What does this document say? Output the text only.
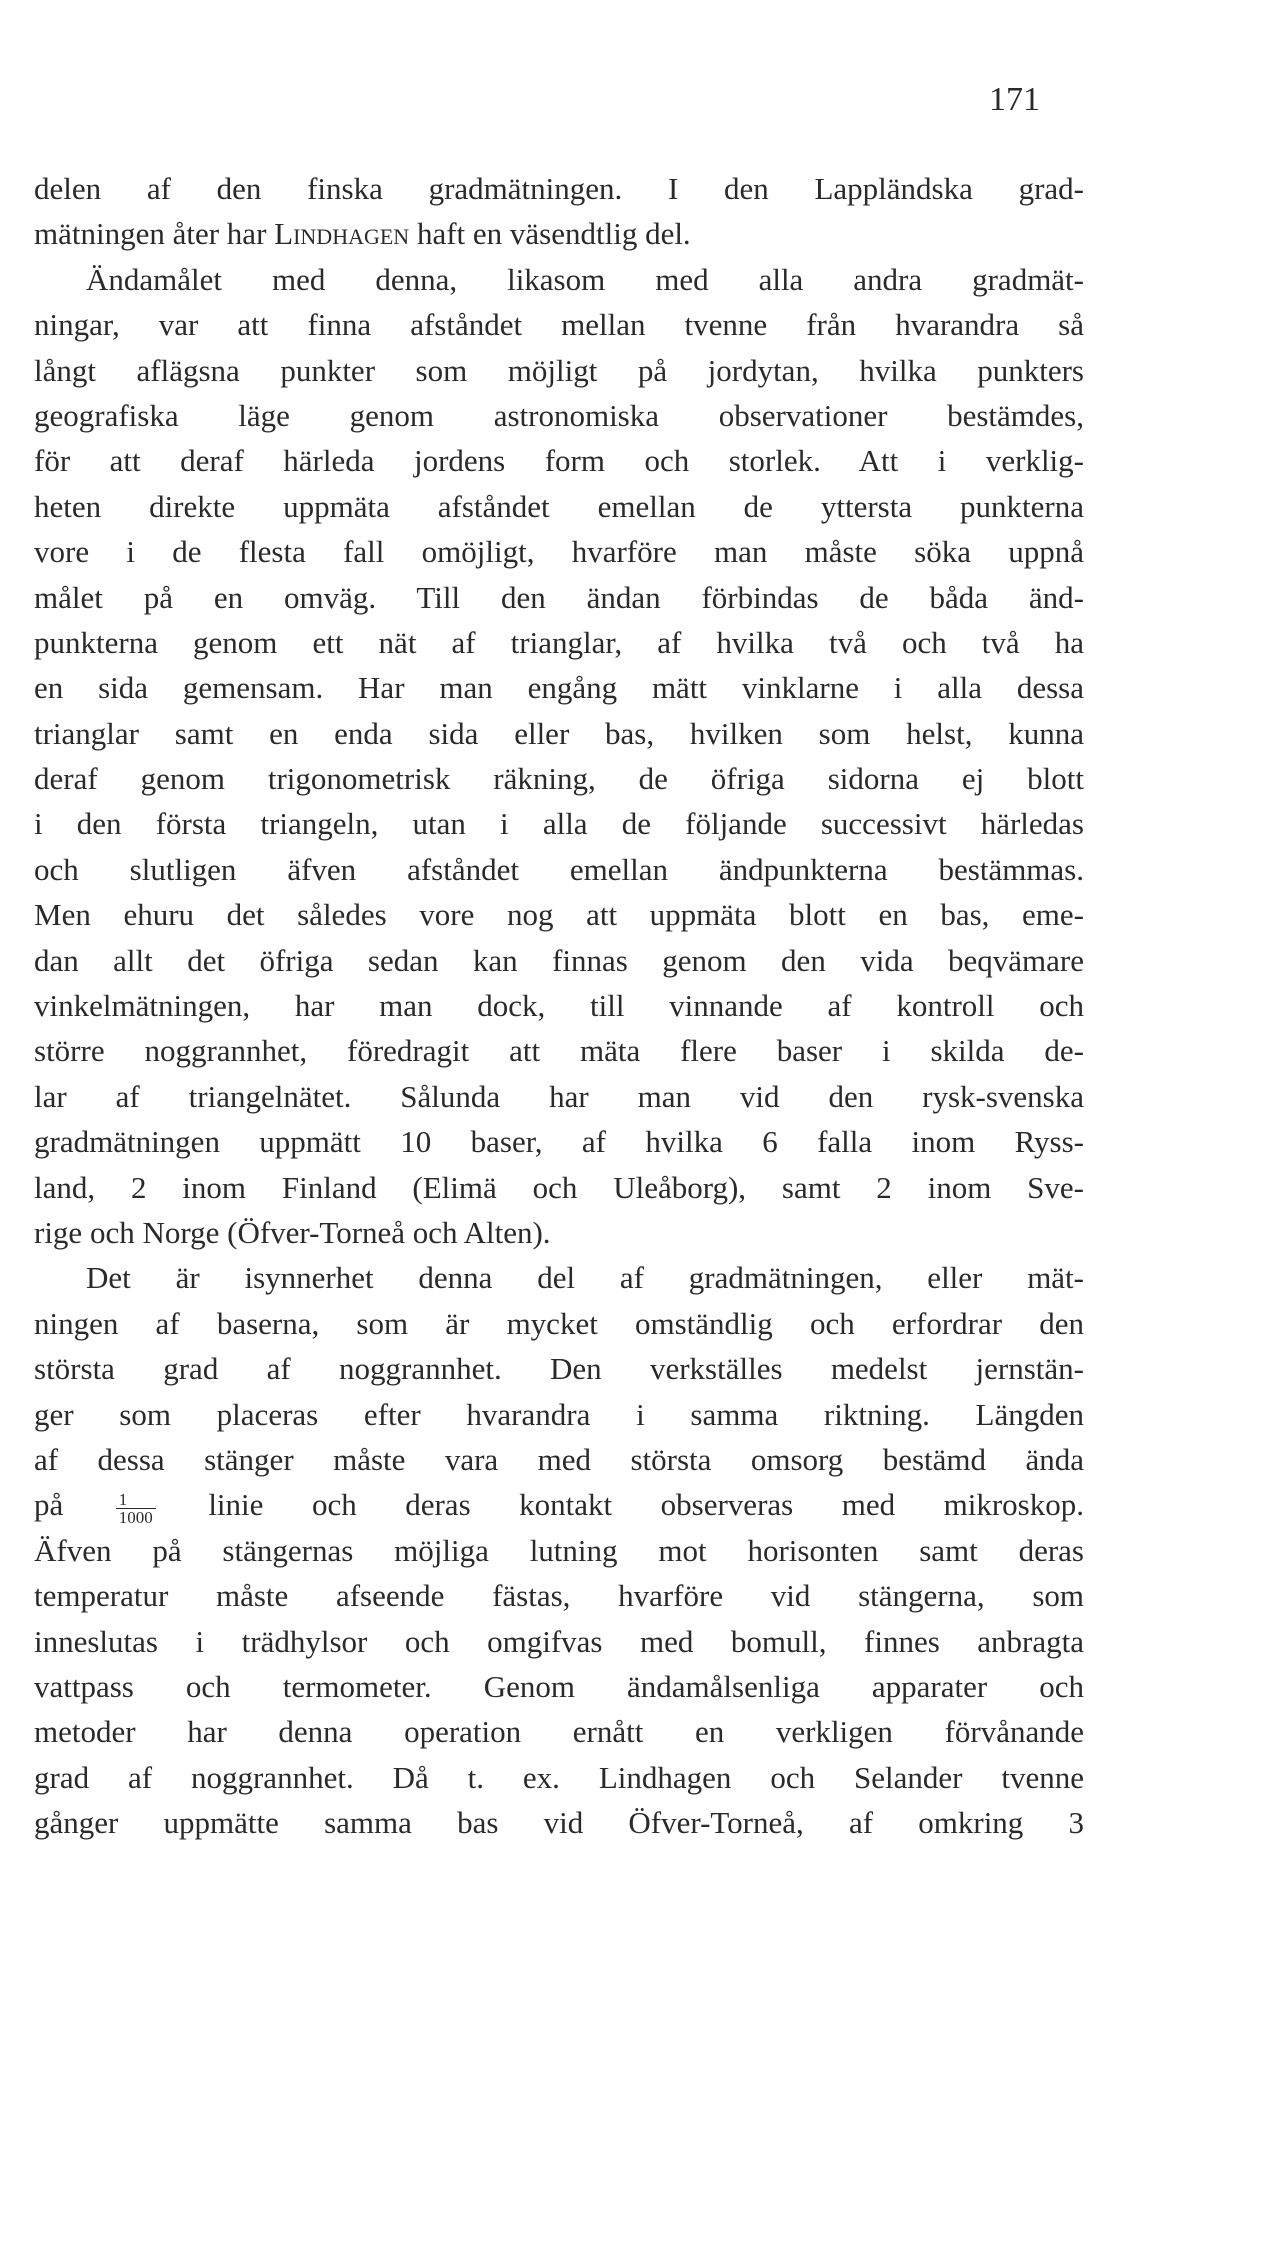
171
delen af den finska gradmätningen. I den Lappländska grad-
mätningen åter har Lindhagen haft en väsendtlig del.
Ändamålet med denna, likasom med alla andra gradmät-
ningar, var att finna afståndet mellan tvenne från hvarandra så
långt aflägsna punkter som möjligt på jordytan, hvilka punkters
geografiska läge genom astronomiska observationer bestämdes,
för att deraf härleda jordens form och storlek. Att i verklig-
heten direkte uppmäta afståndet emellan de yttersta punkterna
vore i de flesta fall omöjligt, hvarföre man måste söka uppnå
målet på en omväg. Till den ändan förbindas de båda änd-
punkterna genom ett nät af trianglar, af hvilka två och två ha
en sida gemensam. Har man engång mätt vinklarne i alla dessa
trianglar samt en enda sida eller bas, hvilken som helst, kunna
deraf genom trigonometrisk räkning, de öfriga sidorna ej blott
i den första triangeln, utan i alla de följande successivt härledas
och slutligen äfven afståndet emellan ändpunkterna bestämmas.
Men ehuru det således vore nog att uppmäta blott en bas, eme-
dan allt det öfriga sedan kan finnas genom den vida beqvämare
vinkelmätningen, har man dock, till vinnande af kontroll och
större noggrannhet, föredragit att mäta flere baser i skilda de-
lar af triangelnätet. Sålunda har man vid den rysk-svenska
gradmätningen uppmätt 10 baser, af hvilka 6 falla inom Ryss-
land, 2 inom Finland (Elimä och Uleåborg), samt 2 inom Sve-
rige och Norge (Öfver-Torneå och Alten).
Det är isynnerhet denna del af gradmätningen, eller mät-
ningen af baserna, som är mycket omständlig och erfordrar den
största grad af noggrannhet. Den verkställes medelst jernstän-
ger som placeras efter hvarandra i samma riktning. Längden
af dessa stänger måste vara med största omsorg bestämd ända
på $\frac{1}{1000}$ linie och deras kontakt observeras med mikroskop.
Äfven på stängernas möjliga lutning mot horisonten samt deras
temperatur måste afseende fästas, hvarföre vid stängerna, som
inneslutas i trädhylsor och omgifvas med bomull, finnes anbragta
vattpass och termometer. Genom ändamålsenliga apparater och
metoder har denna operation ernått en verkligen förvånande
grad af noggrannhet. Då t. ex. Lindhagen och Selander tvenne
gånger uppmätte samma bas vid Öfver-Torneå, af omkring 3
